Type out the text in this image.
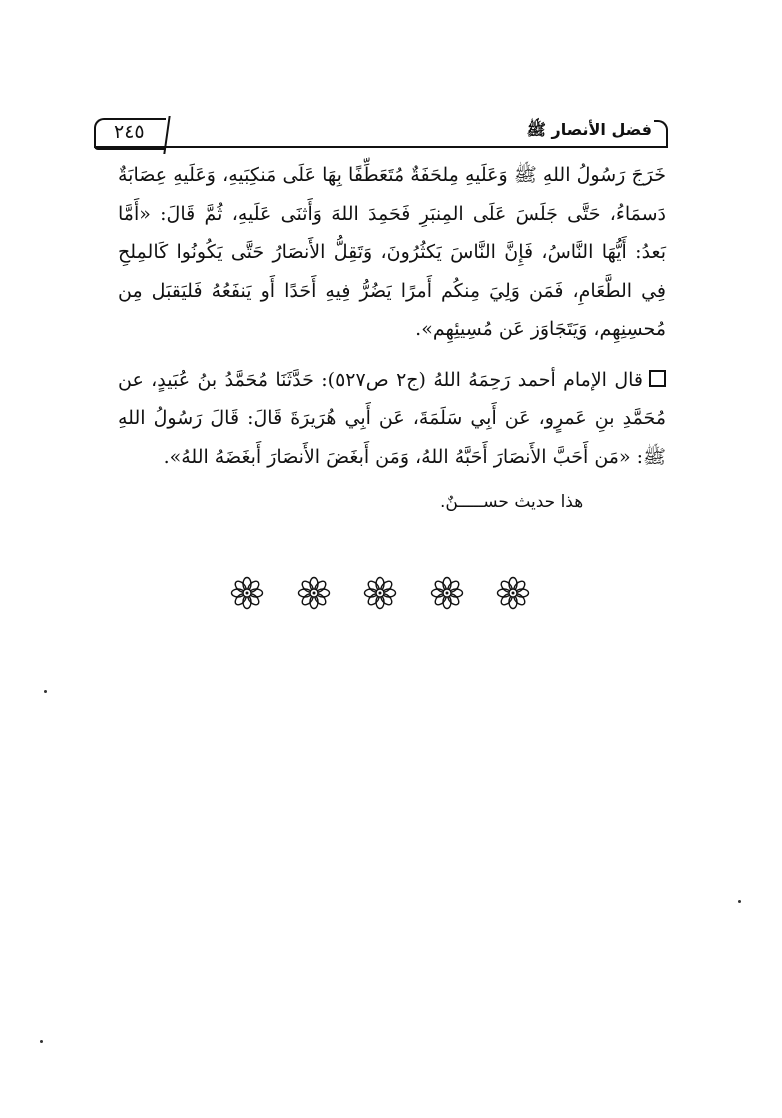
فضل الأنصار ﷺ
٢٤٥

خَرَجَ رَسُولُ اللهِ ﷺ وَعَلَيهِ مِلحَفَةٌ مُتَعَطِّفًا بِهَا عَلَى مَنكِبَيهِ، وَعَلَيهِ عِصَابَةٌ دَسمَاءُ، حَتَّى جَلَسَ عَلَى المِنبَرِ فَحَمِدَ اللهَ وَأَثنَى عَلَيهِ، ثُمَّ قَالَ: «أَمَّا بَعدُ: أَيُّهَا النَّاسُ، فَإِنَّ النَّاسَ يَكثُرُونَ، وَتَقِلُّ الأَنصَارُ حَتَّى يَكُونُوا كَالمِلحِ فِي الطَّعَامِ، فَمَن وَلِيَ مِنكُم أَمرًا يَضُرُّ فِيهِ أَحَدًا أَو يَنفَعُهُ فَليَقبَل مِن مُحسِنِهِم، وَيَتَجَاوَز عَن مُسِيئِهِم».

قال الإمام أحمد رَحِمَهُ اللهُ (ج٢ ص٥٢٧): حَدَّثَنَا مُحَمَّدُ بنُ عُبَيدٍ، عن مُحَمَّدِ بنِ عَمرٍو، عَن أَبِي سَلَمَةَ، عَن أَبِي هُرَيرَةَ قَالَ: قَالَ رَسُولُ اللهِ ﷺ: «مَن أَحَبَّ الأَنصَارَ أَحَبَّهُ اللهُ، وَمَن أَبغَضَ الأَنصَارَ أَبغَضَهُ اللهُ».

هذا حديث حســـــنٌ.
